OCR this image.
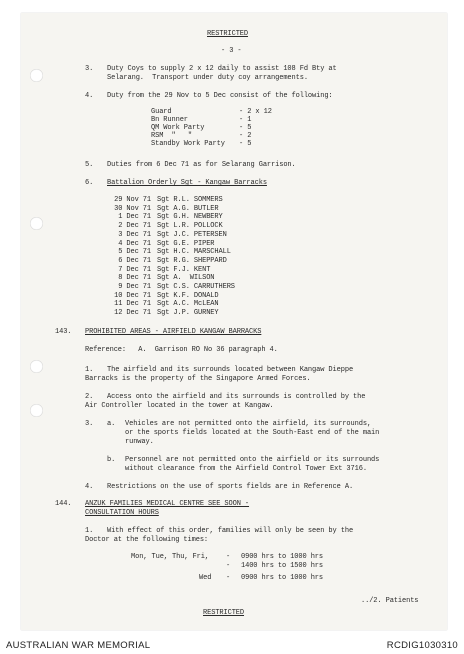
RESTRICTED
- 3 -
3. Duty Coys to supply 2 x 12 daily to assist 108 Fd Bty at
Selarang.  Transport under duty coy arrangements.
4. Duty from the 29 Nov to 5 Dec consist of the following:
Guard	- 2 x 12
Bn Runner	- 1
QM Work Party	- 5
RSM  "   "	- 2
Standby Work Party - 5
5. Duties from 6 Dec 71 as for Selarang Garrison.
6. Battalion Orderly Sgt - Kangaw Barracks
29 Nov 71 Sgt R.L. SOMMERS
30 Nov 71 Sgt A.G. BUTLER
1 Dec 71 Sgt G.H. NEWBERY
2 Dec 71 Sgt L.R. POLLOCK
3 Dec 71 Sgt J.C. PETERSEN
4 Dec 71 Sgt G.E. PIPER
5 Dec 71 Sgt H.C. MARSCHALL
6 Dec 71 Sgt R.G. SHEPPARD
7 Dec 71 Sgt F.J. KENT
8 Dec 71 Sgt A.  WILSON
9 Dec 71 Sgt C.S. CARRUTHERS
10 Dec 71 Sgt K.F. DONALD
11 Dec 71 Sgt A.C. McLEAN
12 Dec 71 Sgt J.P. GURNEY
143. PROHIBITED AREAS - AIRFIELD KANGAW BARRACKS
Reference:   A.  Garrison RO No 36 paragraph 4.
1. The airfield and its surrounds located between Kangaw Dieppe
Barracks is the property of the Singapore Armed Forces.
2. Access onto the airfield and its surrounds is controlled by the
Air Controller located in the tower at Kangaw.
3. a. Vehicles are not permitted onto the airfield, its surrounds,
or the sports fields located at the South-East end of the main
runway.
b. Personnel are not permitted onto the airfield or its surrounds
without clearance from the Airfield Control Tower Ext 3716.
4. Restrictions on the use of sports fields are in Reference A.
144. ANZUK FAMILIES MEDICAL CENTRE SEE SOON -
CONSULTATION HOURS
1. With effect of this order, families will only be seen by the
Doctor at the following times:
Mon, Tue, Thu, Fri, - 0900 hrs to 1000 hrs
- 1400 hrs to 1500 hrs
Wed - 0900 hrs to 1000 hrs
../2. Patients
RESTRICTED
AUSTRALIAN WAR MEMORIAL	RCDIG1030310
